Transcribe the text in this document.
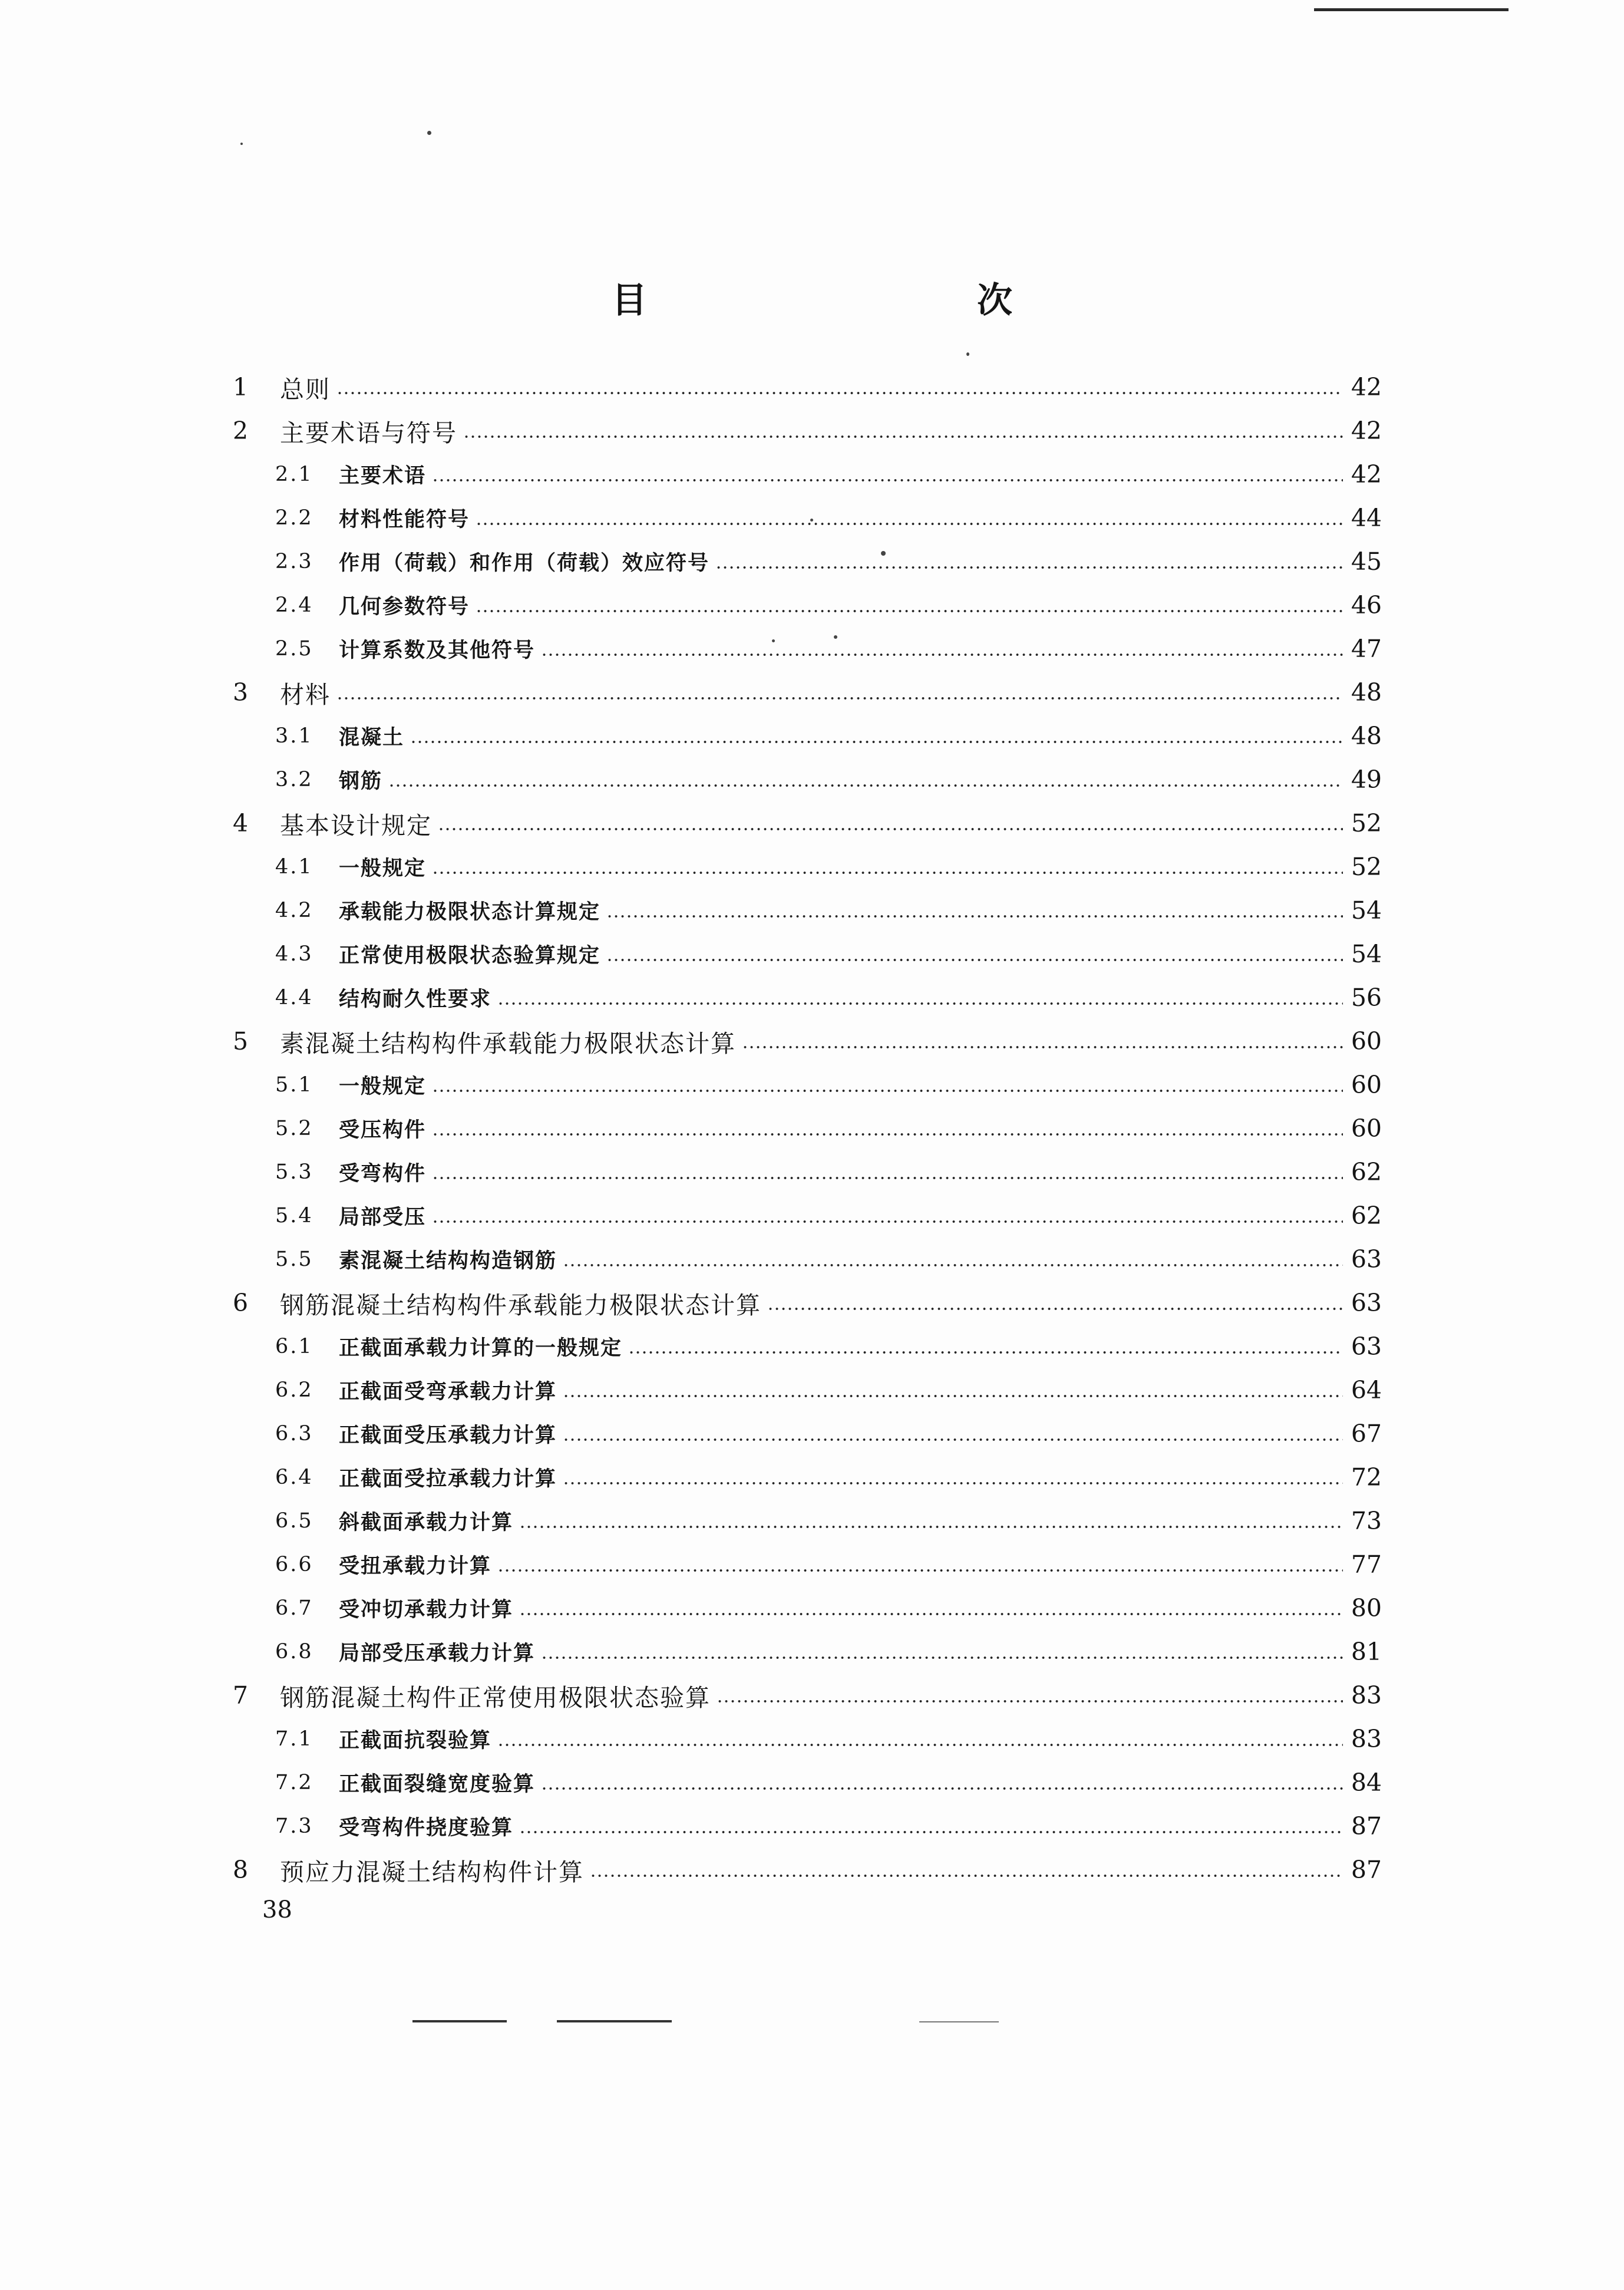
目　次
1	总则	42
2	主要术语与符号	42
2.1	主要术语	42
2.2	材料性能符号	44
2.3	作用（荷载）和作用（荷载）效应符号	45
2.4	几何参数符号	46
2.5	计算系数及其他符号	47
3	材料	48
3.1	混凝土	48
3.2	钢筋	49
4	基本设计规定	52
4.1	一般规定	52
4.2	承载能力极限状态计算规定	54
4.3	正常使用极限状态验算规定	54
4.4	结构耐久性要求	56
5	素混凝土结构构件承载能力极限状态计算	60
5.1	一般规定	60
5.2	受压构件	60
5.3	受弯构件	62
5.4	局部受压	62
5.5	素混凝土结构构造钢筋	63
6	钢筋混凝土结构构件承载能力极限状态计算	63
6.1	正截面承载力计算的一般规定	63
6.2	正截面受弯承载力计算	64
6.3	正截面受压承载力计算	67
6.4	正截面受拉承载力计算	72
6.5	斜截面承载力计算	73
6.6	受扭承载力计算	77
6.7	受冲切承载力计算	80
6.8	局部受压承载力计算	81
7	钢筋混凝土构件正常使用极限状态验算	83
7.1	正截面抗裂验算	83
7.2	正截面裂缝宽度验算	84
7.3	受弯构件挠度验算	87
8	预应力混凝土结构构件计算	87
38
